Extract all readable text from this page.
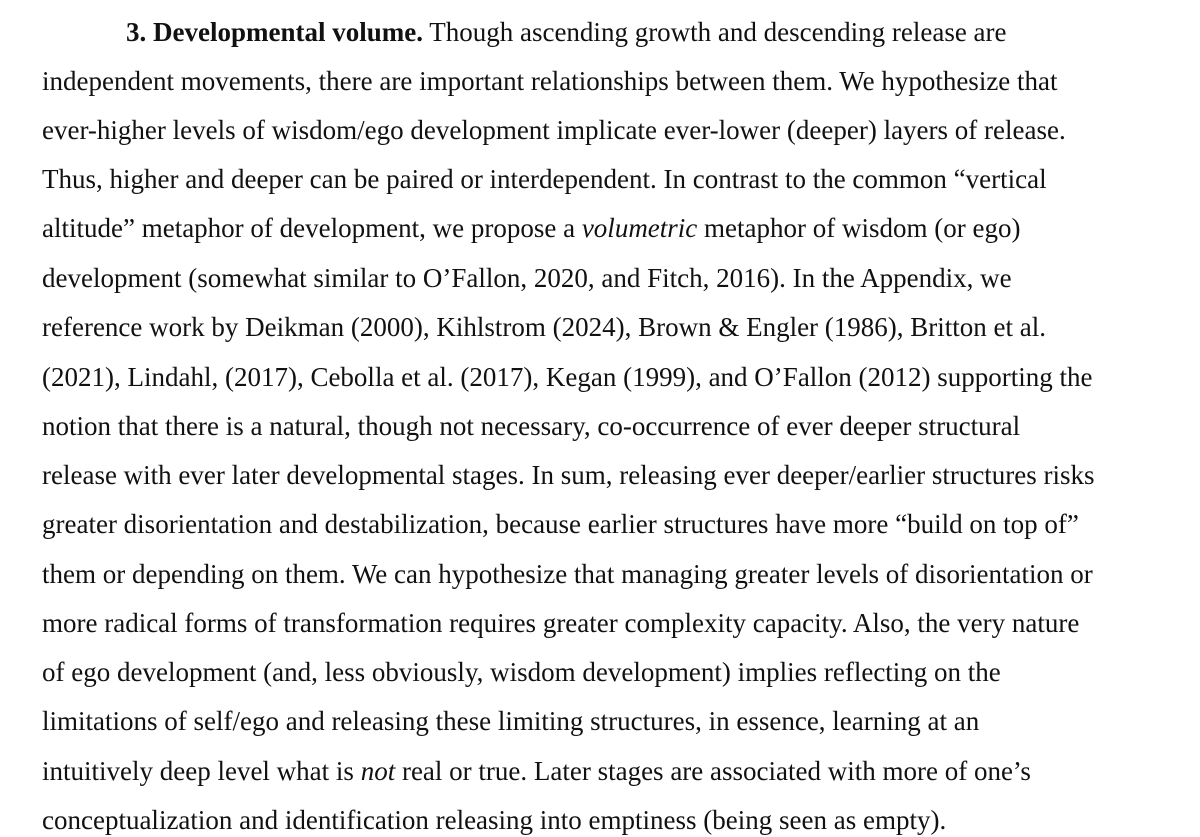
3. Developmental volume. Though ascending growth and descending release are
independent movements, there are important relationships between them. We hypothesize that
ever-higher levels of wisdom/ego development implicate ever-lower (deeper) layers of release.
Thus, higher and deeper can be paired or interdependent. In contrast to the common “vertical
altitude” metaphor of development, we propose a volumetric metaphor of wisdom (or ego)
development (somewhat similar to O’Fallon, 2020, and Fitch, 2016). In the Appendix, we
reference work by Deikman (2000), Kihlstrom (2024), Brown & Engler (1986), Britton et al.
(2021), Lindahl, (2017), Cebolla et al. (2017), Kegan (1999), and O’Fallon (2012) supporting the
notion that there is a natural, though not necessary, co-occurrence of ever deeper structural
release with ever later developmental stages. In sum, releasing ever deeper/earlier structures risks
greater disorientation and destabilization, because earlier structures have more “build on top of”
them or depending on them. We can hypothesize that managing greater levels of disorientation or
more radical forms of transformation requires greater complexity capacity. Also, the very nature
of ego development (and, less obviously, wisdom development) implies reflecting on the
limitations of self/ego and releasing these limiting structures, in essence, learning at an
intuitively deep level what is not real or true. Later stages are associated with more of one’s
conceptualization and identification releasing into emptiness (being seen as empty).
